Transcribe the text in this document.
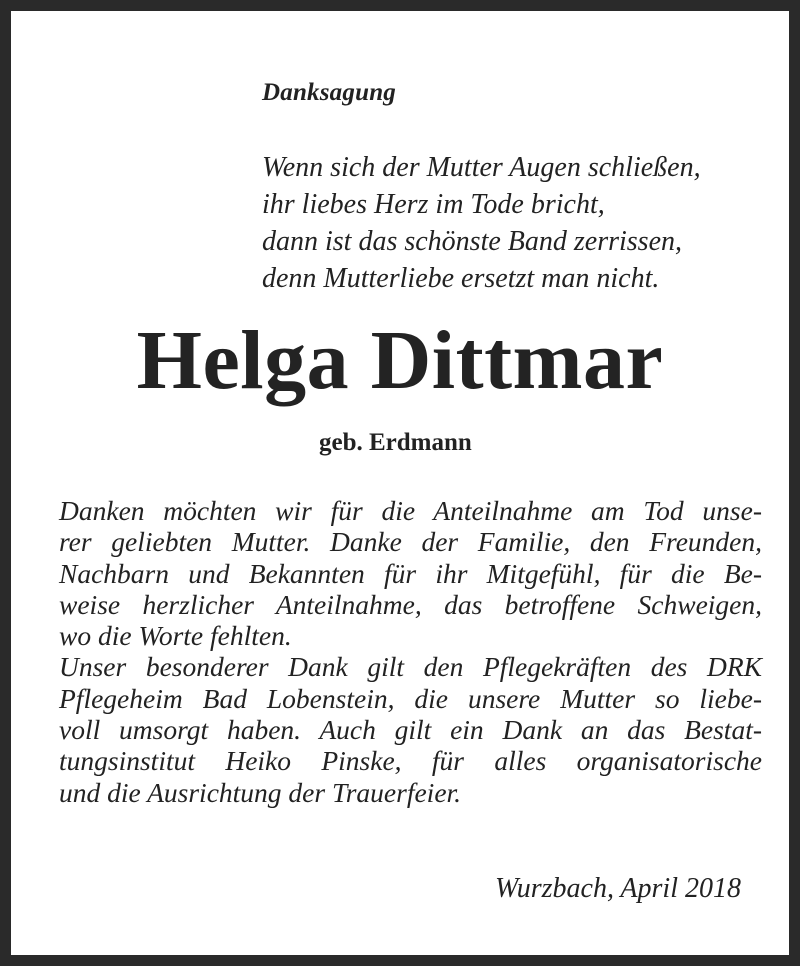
Danksagung

Wenn sich der Mutter Augen schließen,
ihr liebes Herz im Tode bricht,
dann ist das schönste Band zerrissen,
denn Mutterliebe ersetzt man nicht.
Helga Dittmar

geb. Erdmann

Danken möchten wir für die Anteilnahme am Tod unse-
rer geliebten Mutter. Danke der Familie, den Freunden,
Nachbarn und Bekannten für ihr Mitgefühl, für die Be-
weise herzlicher Anteilnahme, das betroffene Schweigen,
wo die Worte fehlten.
Unser besonderer Dank gilt den Pflegekräften des DRK
Pflegeheim Bad Lobenstein, die unsere Mutter so liebe-
voll umsorgt haben. Auch gilt ein Dank an das Bestat-
tungsinstitut Heiko Pinske, für alles organisatorische
und die Ausrichtung der Trauerfeier.

Wurzbach, April 2018
